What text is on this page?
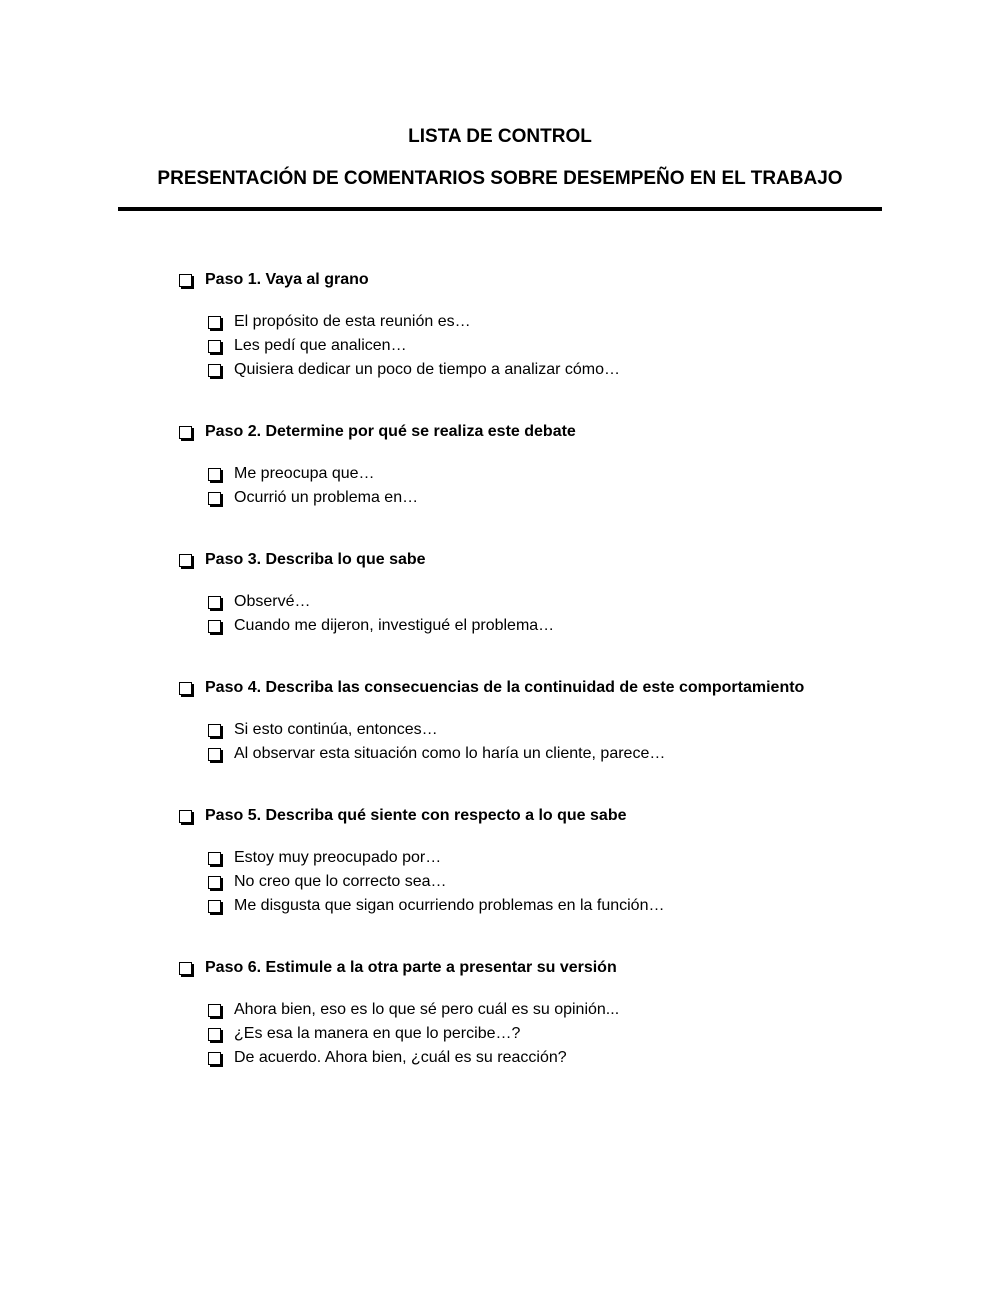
LISTA DE CONTROL
PRESENTACIÓN DE COMENTARIOS SOBRE DESEMPEÑO EN EL TRABAJO
Paso 1. Vaya al grano
El propósito de esta reunión es…
Les pedí que analicen…
Quisiera dedicar un poco de tiempo a analizar cómo…
Paso 2. Determine por qué se realiza este debate
Me preocupa que…
Ocurrió un problema en…
Paso 3. Describa lo que sabe
Observé…
Cuando me dijeron, investigué el problema…
Paso 4. Describa las consecuencias de la continuidad de este comportamiento
Si esto continúa, entonces…
Al observar esta situación como lo haría un cliente, parece…
Paso 5. Describa qué siente con respecto a lo que sabe
Estoy muy preocupado por…
No creo que lo correcto sea…
Me disgusta que sigan ocurriendo problemas en la función…
Paso 6. Estimule a la otra parte a presentar su versión
Ahora bien, eso es lo que sé pero cuál es su opinión...
¿Es esa la manera en que lo percibe…?
De acuerdo. Ahora bien, ¿cuál es su reacción?
